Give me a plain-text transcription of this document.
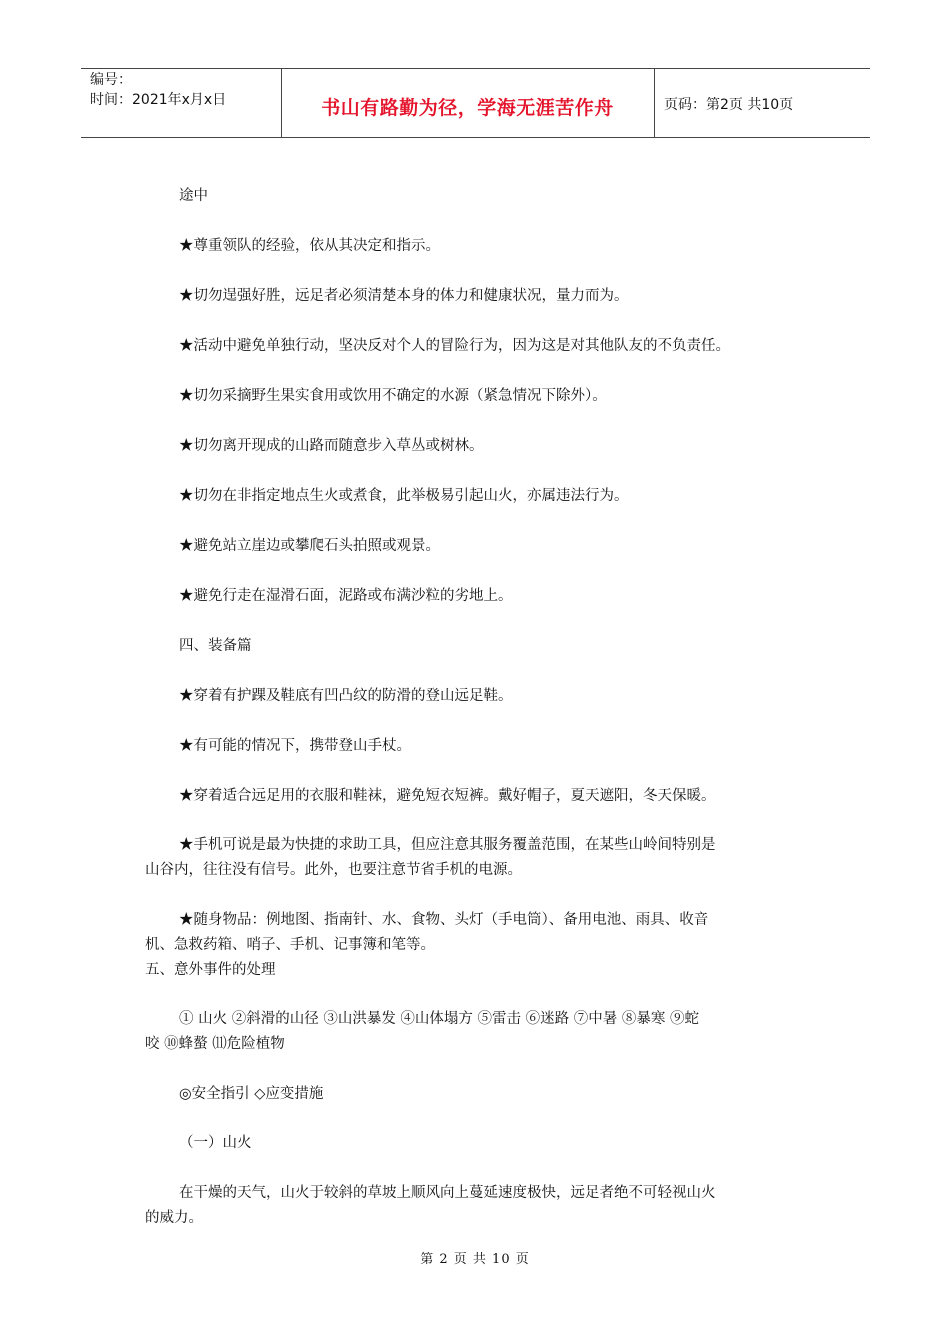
编号：
时间：2021年x月x日	书山有路勤为径，学海无涯苦作舟	页码：第2页 共10页
途中
★尊重领队的经验，依从其决定和指示。
★切勿逞强好胜，远足者必须清楚本身的体力和健康状况，量力而为。
★活动中避免单独行动，坚决反对个人的冒险行为，因为这是对其他队友的不负责任。
★切勿采摘野生果实食用或饮用不确定的水源（紧急情况下除外）。
★切勿离开现成的山路而随意步入草丛或树林。
★切勿在非指定地点生火或煮食，此举极易引起山火，亦属违法行为。
★避免站立崖边或攀爬石头拍照或观景。
★避免行走在湿滑石面，泥路或布满沙粒的劣地上。
四、装备篇
★穿着有护踝及鞋底有凹凸纹的防滑的登山远足鞋。
★有可能的情况下，携带登山手杖。
★穿着适合远足用的衣服和鞋袜，避免短衣短裤。戴好帽子，夏天遮阳，冬天保暖。
★手机可说是最为快捷的求助工具，但应注意其服务覆盖范围，在某些山岭间特别是
山谷内，往往没有信号。此外，也要注意节省手机的电源。
★随身物品：例地图、指南针、水、食物、头灯（手电筒）、备用电池、雨具、收音
机、急救药箱、哨子、手机、记事簿和笔等。
五、意外事件的处理
① 山火 ②斜滑的山径 ③山洪暴发 ④山体塌方 ⑤雷击 ⑥迷路 ⑦中暑 ⑧暴寒 ⑨蛇
咬 ⑩蜂螯 ⑾危险植物
◎安全指引 ◇应变措施
（一）山火
在干燥的天气，山火于较斜的草坡上顺风向上蔓延速度极快，远足者绝不可轻视山火
的威力。
第 2 页 共 10 页
